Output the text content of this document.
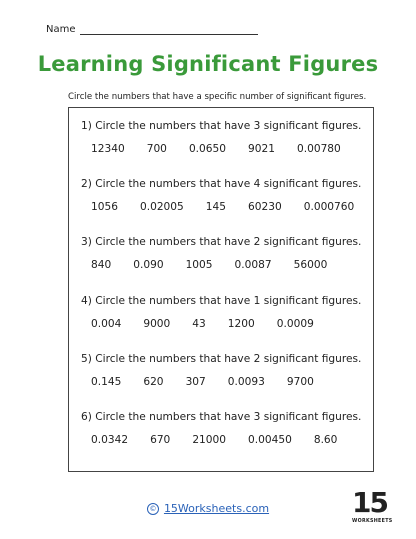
Name
Learning Significant Figures
Circle the numbers that have a specific number of significant figures.
1) Circle the numbers that have 3 significant figures.
12340 700 0.0650 9021 0.00780
2) Circle the numbers that have 4 significant figures.
1056 0.02005 145 60230 0.000760
3) Circle the numbers that have 2 significant figures.
840 0.090 1005 0.0087 56000
4) Circle the numbers that have 1 significant figures.
0.004 9000 43 1200 0.0009
5) Circle the numbers that have 2 significant figures.
0.145 620 307 0.0093 9700
6) Circle the numbers that have 3 significant figures.
0.0342 670 21000 0.00450 8.60
© 15Worksheets.com	15
WORKSHEETS
